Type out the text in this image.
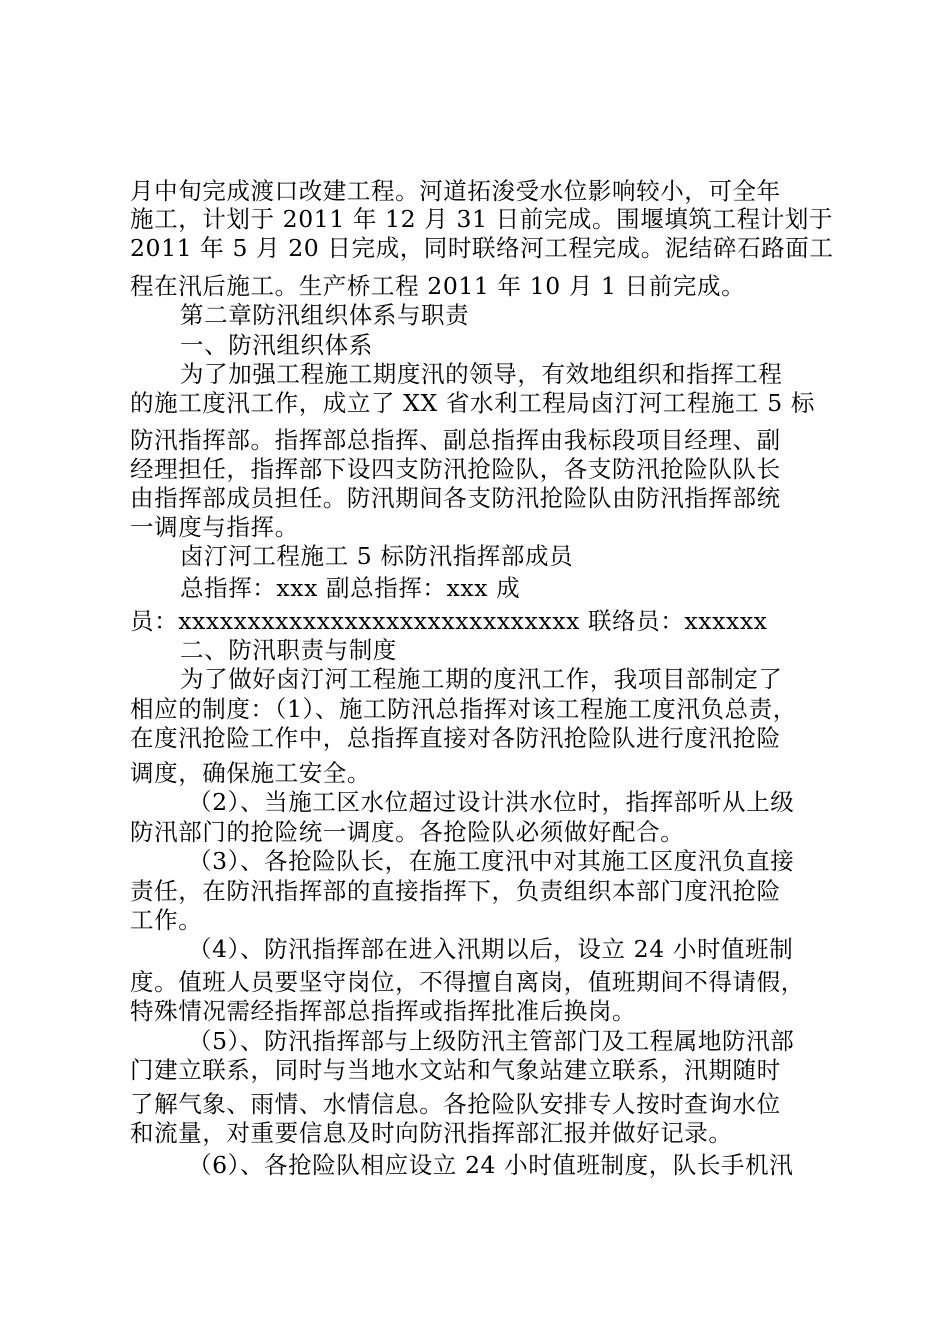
月中旬完成渡口改建工程。河道拓浚受水位影响较小，可全年
施工，计划于 2011 年 12 月 31 日前完成。围堰填筑工程计划于
2011 年 5 月 20 日完成，同时联络河工程完成。泥结碎石路面工
程在汛后施工。生产桥工程 2011 年 10 月 1 日前完成。
第二章防汛组织体系与职责
一、防汛组织体系
为了加强工程施工期度汛的领导，有效地组织和指挥工程
的施工度汛工作，成立了 XX 省水利工程局卤汀河工程施工 5 标
防汛指挥部。指挥部总指挥、副总指挥由我标段项目经理、副
经理担任，指挥部下设四支防汛抢险队，各支防汛抢险队队长
由指挥部成员担任。防汛期间各支防汛抢险队由防汛指挥部统
一调度与指挥。
卤汀河工程施工 5 标防汛指挥部成员
总指挥：xxx 副总指挥：xxx 成
员：xxxxxxxxxxxxxxxxxxxxxxxxxxxxx 联络员：xxxxxx
二、防汛职责与制度
为了做好卤汀河工程施工期的度汛工作，我项目部制定了
相应的制度：（1）、施工防汛总指挥对该工程施工度汛负总责，
在度汛抢险工作中，总指挥直接对各防汛抢险队进行度汛抢险
调度，确保施工安全。
（2）、当施工区水位超过设计洪水位时，指挥部听从上级
防汛部门的抢险统一调度。各抢险队必须做好配合。
（3）、各抢险队长，在施工度汛中对其施工区度汛负直接
责任，在防汛指挥部的直接指挥下，负责组织本部门度汛抢险
工作。
（4）、防汛指挥部在进入汛期以后，设立 24 小时值班制
度。值班人员要坚守岗位，不得擅自离岗，值班期间不得请假，
特殊情况需经指挥部总指挥或指挥批准后换岗。
（5）、防汛指挥部与上级防汛主管部门及工程属地防汛部
门建立联系，同时与当地水文站和气象站建立联系，汛期随时
了解气象、雨情、水情信息。各抢险队安排专人按时查询水位
和流量，对重要信息及时向防汛指挥部汇报并做好记录。
（6）、各抢险队相应设立 24 小时值班制度，队长手机汛
